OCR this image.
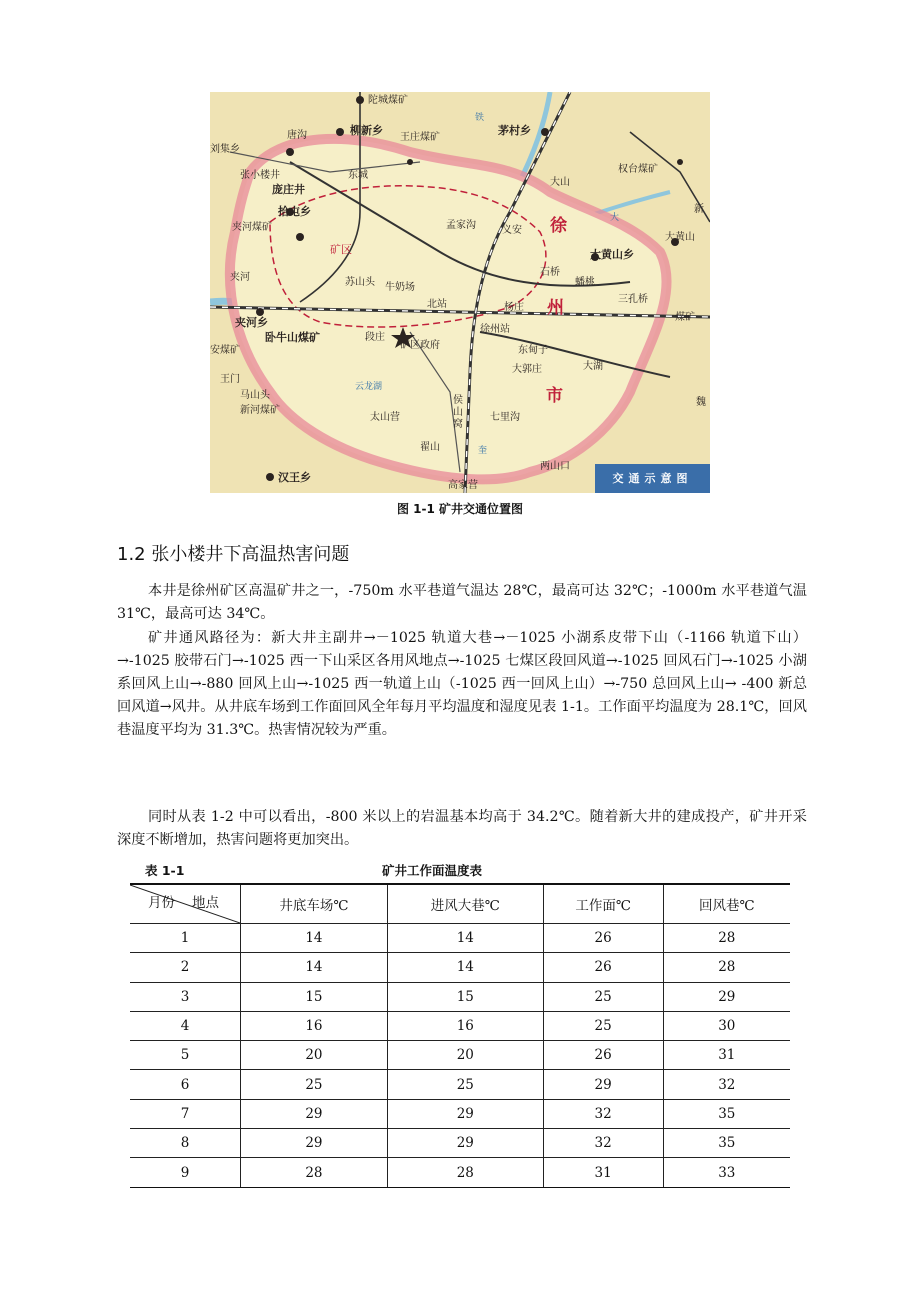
陀城煤矿
唐沟	柳新乡
王庄煤矿
茅村乡
刘集乡
张小楼井
庞庄井
东城
大山
权台煤矿
拾屯乡
夹河煤矿	孟家沟	义安 徐
大黄山乡
大黄山
矿区
夹河	苏山头 牛奶场
石桥
蟠桃
三孔桥
夹河乡
北站	杨庄 州	煤矿
卧牛山煤矿	段庄
矿区政府
徐州站
东甸子
安煤矿
王门
大郭庄	大湖
云龙湖
马山头
新河煤矿
太山营
侯山窝
七里沟
市
翟山
汉王乡
两山口
高家营
新
魏
大
铁
奎
交通示意图
图 1-1 矿井交通位置图
1.2 张小楼井下高温热害问题

本井是徐州矿区高温矿井之一，-750m 水平巷道气温达 28℃，最高可达 32℃；-1000m 水平巷道气温 31℃，最高可达 34℃。

矿井通风路径为：新大井主副井→－1025 轨道大巷→－1025 小湖系皮带下山（-1166 轨道下山）→-1025 胶带石门→-1025 西一下山采区各用风地点→-1025 七煤区段回风道→-1025 回风石门→-1025 小湖系回风上山→-880 回风上山→-1025 西一轨道上山（-1025 西一回风上山）→-750 总回风上山→ -400 新总回风道→风井。从井底车场到工作面回风全年每月平均温度和湿度见表 1-1。工作面平均温度为 28.1℃，回风巷温度平均为 31.3℃。热害情况较为严重。

同时从表 1-2 中可以看出，-800 米以上的岩温基本均高于 34.2℃。随着新大井的建成投产，矿井开采深度不断增加，热害问题将更加突出。

表 1-1	矿井工作面温度表
月份 地点	井底车场℃	进风大巷℃	工作面℃	回风巷℃
1	14	14	26	28
2	14	14	26	28
3	15	15	25	29
4	16	16	25	30
5	20	20	26	31
6	25	25	29	32
7	29	29	32	35
8	29	29	32	35
9	28	28	31	33
